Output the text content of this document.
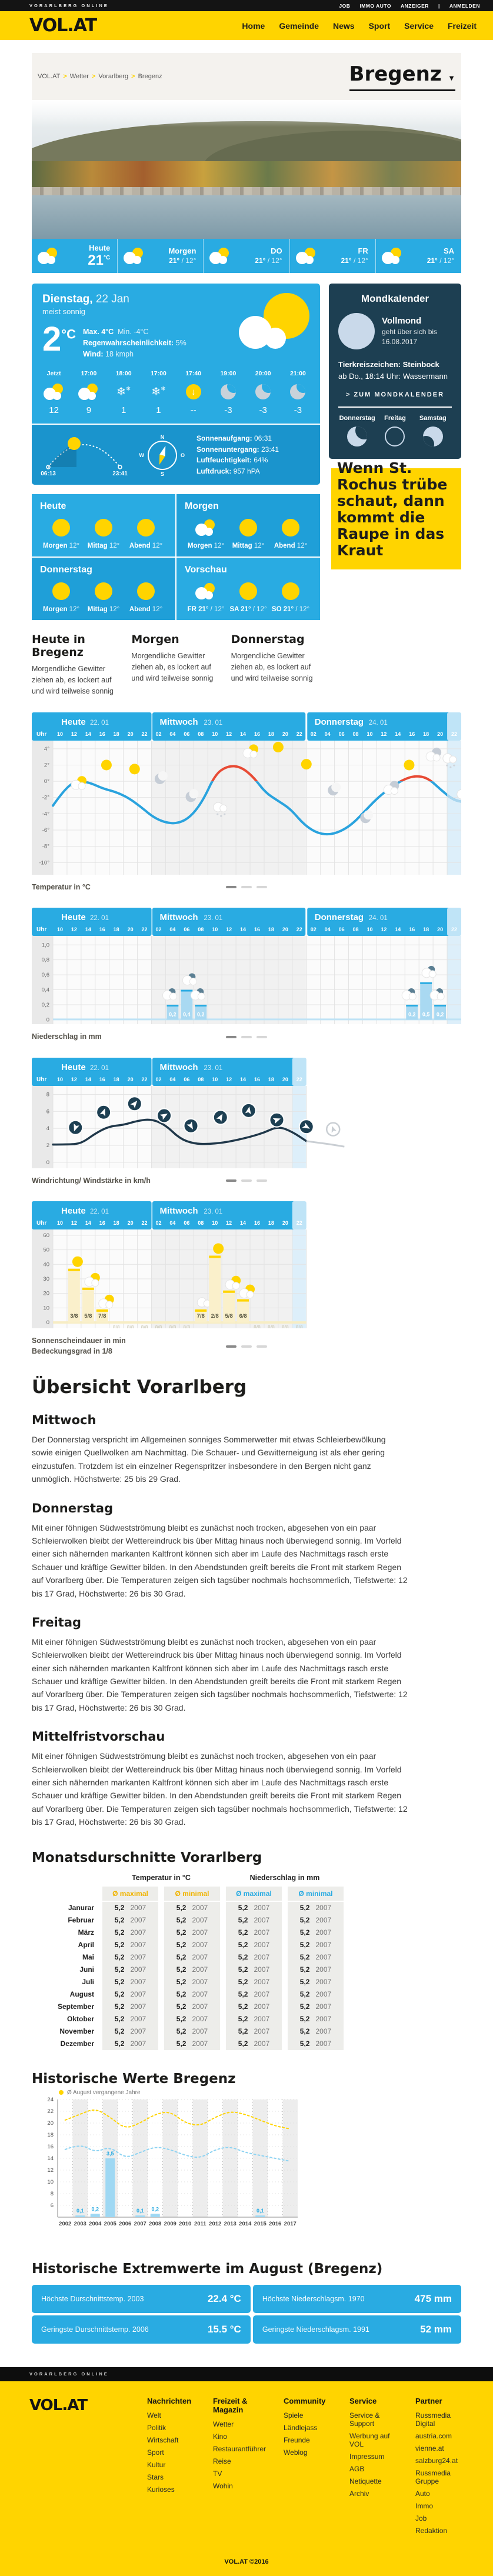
VORARLBERG ONLINE	JOB IMMO AUTO ANZEIGER | ANMELDEN
VOL.AT	Home Gemeinde News Sport Service Freizeit
VOL.AT > Wetter > Vorarlberg > Bregenz	Bregenz ▼
Heute
$21^{^\circ C}$
Morgen
21° / 12°
DO
21° / 12°
FR
21° / 12°
SA
21° / 12°
Dienstag, 22 Jan
meist sonnig
$2^{^\circ C}$ Max. 4°C Min. -4°C
Regenwahrscheinlichkeit: 5%
Wind: 18 kmph
Jetzt
12
17:00
9
18:00
❄❄
1
17:00
❄❄
1
17:40
↓
--
19:00
-3
20:00
-3
21:00
-3
06:13	23:41
N
S
W	O
Sonnenaufgang: 06:31
Sonnenuntergang: 23:41
Luftfeuchtigkeit: 64%
Luftdruck: 957 hPA
Heute
Morgen 12°	Mittag 12°	Abend 12°
Morgen
Morgen 12°	Mittag 12°	Abend 12°
Donnerstag
Morgen 12°	Mittag 12°	Abend 12°
Vorschau
FR 21° / 12° SA 21° / 12° SO 21° / 12°
Heute in Bregenz

Morgendliche Gewitter ziehen ab, es lockert auf und wird teilweise sonnig

Morgen

Morgendliche Gewitter ziehen ab, es lockert auf und wird teilweise sonnig

Donnerstag

Morgendliche Gewitter ziehen ab, es lockert auf und wird teilweise sonnig

Mondkalender
Vollmond
geht über sich bis
16.08.2017
Tierkreiszeichen: Steinbock
ab Do., 18:14 Uhr: Wassermann
> ZUM MONDKALENDER
Donnerstag	Freitag	Samstag
Wenn St. Rochus trübe schaut, dann kommt die Raupe in das Kraut
Heute 22. 01
Uhr 10 12 14 16 18 20 22
Mittwoch 23. 01
02 04 06 08 10 12 14 16 18 20 22
Donnerstag 24. 01
02 04 06 08 10 12 14 16 18 20 22
4°
2°
0°
-2°
-4°
-6°
-8°
-10°
Temperatur in °C
Heute 22. 01
Uhr 10 12 14 16 18 20 22
Mittwoch 23. 01
02 04 06 08 10 12 14 16 18 20 22
Donnerstag 24. 01
02 04 06 08 10 12 14 16 18 20 22
1,0
0,8
0,6
0,4
0,2
0
0,2 0,4 0,2	0,2 0,5 0,2
Niederschlag in mm
Heute 22. 01
Uhr 10 12 14 16 18 20 22
Mittwoch 23. 01
02 04 06 08 10 12 14 16 18 20 22
8
6
4
2
0
Windrichtung/ Windstärke in km/h
Heute 22. 01
Uhr 10 12 14 16 18 20 22
Mittwoch 23. 01
02 04 06 08 10 12 14 16 18 20 22
60
50
40
30
20
10
0
3/8 5/8 7/8	7/8 2/8 5/8 6/8
8/8 8/8 8/8 8/8 8/8 8/8	8/8 8/8 8/8 8/8
Sonnenscheindauer in min
Bedeckungsgrad in 1/8
Übersicht Vorarlberg
Mittwoch

Der Donnerstag verspricht im Allgemeinen sonniges Sommerwetter mit etwas Schleierbewölkung sowie einigen Quellwolken am Nachmittag. Die Schauer- und Gewitterneigung ist als eher gering einzustufen. Trotzdem ist ein einzelner Regenspritzer insbesondere in den Bergen nicht ganz unmöglich. Höchstwerte: 25 bis 29 Grad.

Donnerstag

Mit einer föhnigen Südwestströmung bleibt es zunächst noch trocken, abgesehen von ein paar Schleierwolken bleibt der Wettereindruck bis über Mittag hinaus noch überwiegend sonnig. Im Vorfeld einer sich nähernden markanten Kaltfront können sich aber im Laufe des Nachmittags rasch erste Schauer und kräftige Gewitter bilden. In den Abendstunden greift bereits die Front mit starkem Regen auf Vorarlberg über. Die Temperaturen zeigen sich tagsüber nochmals hochsommerlich, Tiefstwerte: 12 bis 17 Grad, Höchstwerte: 26 bis 30 Grad.

Freitag

Mit einer föhnigen Südwestströmung bleibt es zunächst noch trocken, abgesehen von ein paar Schleierwolken bleibt der Wettereindruck bis über Mittag hinaus noch überwiegend sonnig. Im Vorfeld einer sich nähernden markanten Kaltfront können sich aber im Laufe des Nachmittags rasch erste Schauer und kräftige Gewitter bilden. In den Abendstunden greift bereits die Front mit starkem Regen auf Vorarlberg über. Die Temperaturen zeigen sich tagsüber nochmals hochsommerlich, Tiefstwerte: 12 bis 17 Grad, Höchstwerte: 26 bis 30 Grad.

Mittelfristvorschau

Mit einer föhnigen Südwestströmung bleibt es zunächst noch trocken, abgesehen von ein paar Schleierwolken bleibt der Wettereindruck bis über Mittag hinaus noch überwiegend sonnig. Im Vorfeld einer sich nähernden markanten Kaltfront können sich aber im Laufe des Nachmittags rasch erste Schauer und kräftige Gewitter bilden. In den Abendstunden greift bereits die Front mit starkem Regen auf Vorarlberg über. Die Temperaturen zeigen sich tagsüber nochmals hochsommerlich, Tiefstwerte: 12 bis 17 Grad, Höchstwerte: 26 bis 30 Grad.

Monatsdurschnitte Vorarlberg
Temperatur in °C	Niederschlag in mm
Ø maximal	Ø minimal	Ø maximal	Ø minimal
Janurar	5,2 2007	5,2 2007	5,2 2007	5,2 2007
Februar	5,2 2007	5,2 2007	5,2 2007	5,2 2007
März	5,2 2007	5,2 2007	5,2 2007	5,2 2007
April	5,2 2007	5,2 2007	5,2 2007	5,2 2007
Mai	5,2 2007	5,2 2007	5,2 2007	5,2 2007
Juni	5,2 2007	5,2 2007	5,2 2007	5,2 2007
Juli	5,2 2007	5,2 2007	5,2 2007	5,2 2007
August	5,2 2007	5,2 2007	5,2 2007	5,2 2007
September	5,2 2007	5,2 2007	5,2 2007	5,2 2007
Oktober	5,2 2007	5,2 2007	5,2 2007	5,2 2007
November	5,2 2007	5,2 2007	5,2 2007	5,2 2007
Dezember	5,2 2007	5,2 2007	5,2 2007	5,2 2007
Historische Werte Bregenz
Ø August vergangene Jahre
2002 2003 2004 2005 2006 2007 2008 2009 2010 2011 2012 2013 2014 2015 2016 2017
24
22
20
18
16
14
12
10
8
6
0,1 0,2
3,5
0,1 0,2	0,1
Historische Extremwerte im August (Bregenz)
Höchste Durschnittstemp. 2003	22.4 °C	Höchste Niederschlagsm. 1970	475 mm
Geringste Durschnittstemp. 2006	15.5 °C	Geringste Niederschlagsm. 1991	52 mm
VORARLBERG ONLINE
VOL.AT	Nachrichten
Welt
Politik
Wirtschaft
Sport
Kultur
Stars
Kurioses
Freizeit & Magazin
Wetter
Kino
Restaurantführer
Reise
TV
Wohin
Community
Spiele
Ländlejass
Freunde
Weblog
Service
Service & Support
Werbung auf VOL
Impressum
AGB
Netiquette
Archiv
Partner
Russmedia Digital
austria.com
vienne.at
salzburg24.at
Russmedia Gruppe
Auto
Immo
Job
Redaktion
VOL.AT ©2016
